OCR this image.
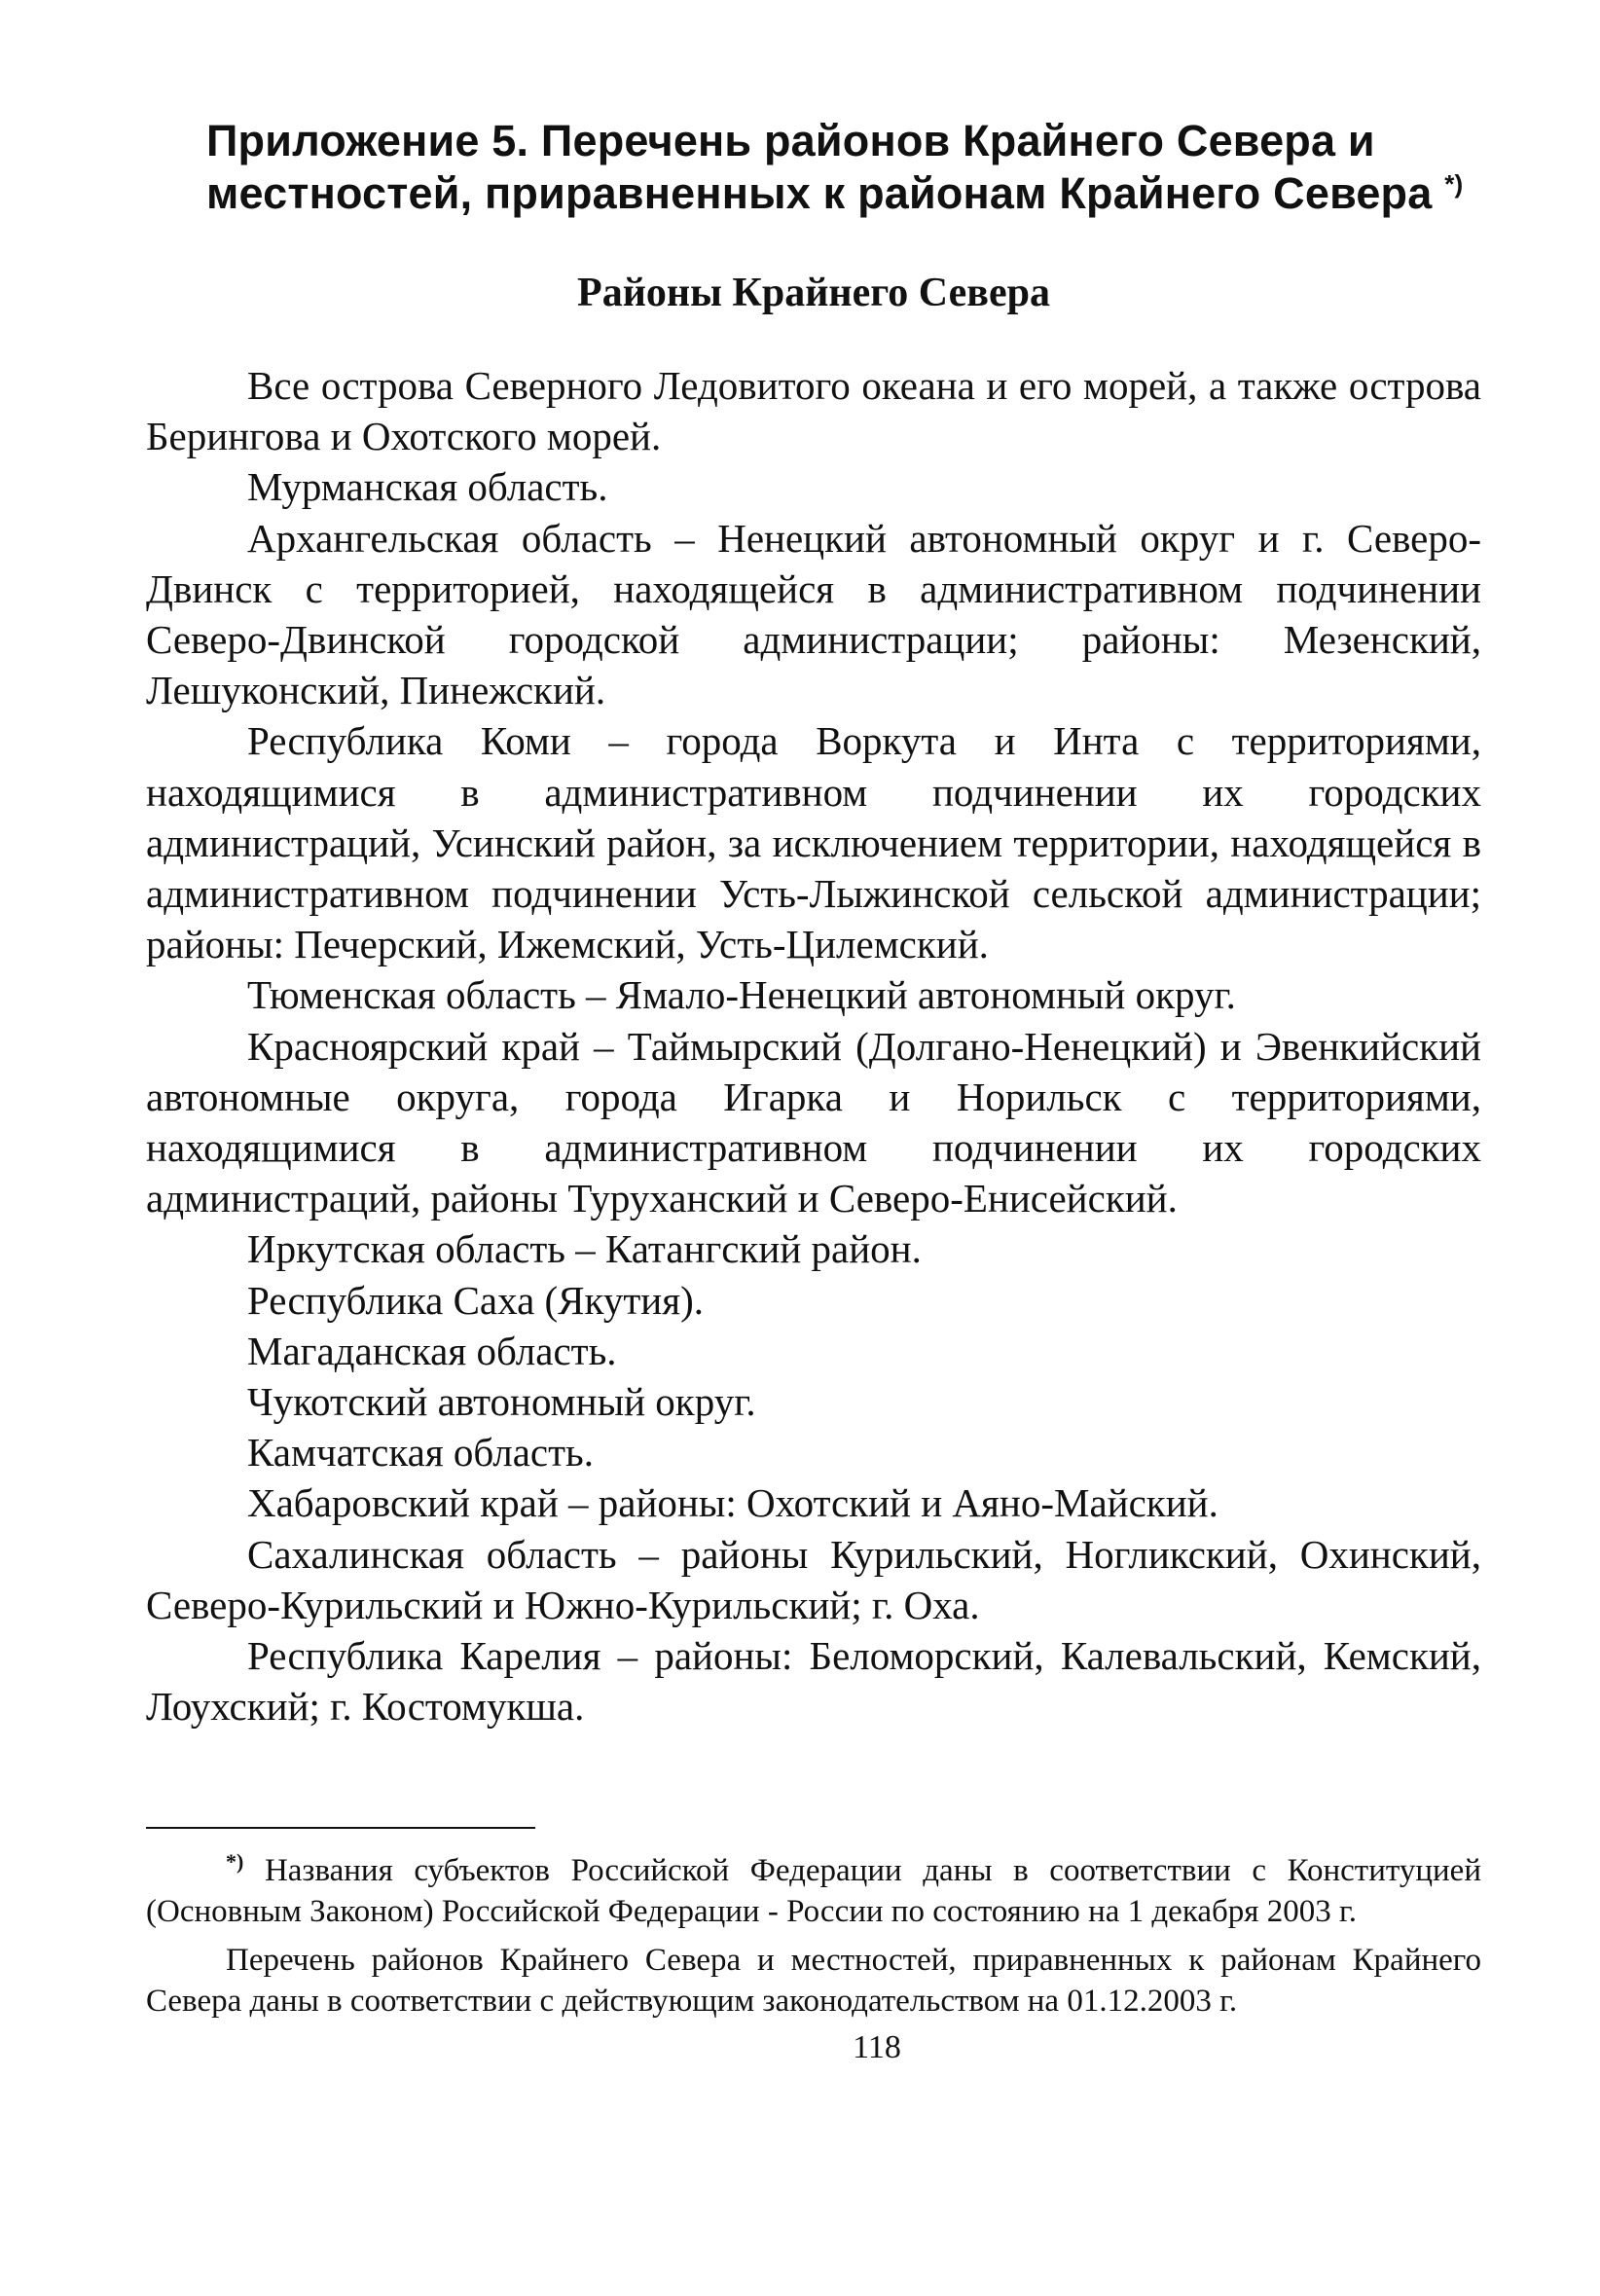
Приложение 5. Перечень районов Крайнего Севера и местностей, приравненных к районам Крайнего Севера *)
Районы Крайнего Севера

Все острова Северного Ледовитого океана и его морей, а также острова Берингова и Охотского морей.

Мурманская область.

Архангельская область – Ненецкий автономный округ и г. Северо-Двинск с территорией, находящейся в административном подчинении Северо-Двинской городской администрации; районы: Мезенский, Лешуконский, Пинежский.

Республика Коми – города Воркута и Инта с территориями, находящимися в административном подчинении их городских администраций, Усинский район, за исключением территории, находящейся в административном подчинении Усть-Лыжинской сельской администрации; районы: Печерский, Ижемский, Усть-Цилемский.

Тюменская область – Ямало-Ненецкий автономный округ.

Красноярский край – Таймырский (Долгано-Ненецкий) и Эвенкийский автономные округа, города Игарка и Норильск с территориями, находящимися в административном подчинении их городских администраций, районы Туруханский и Северо-Енисейский.

Иркутская область – Катангский район.

Республика Саха (Якутия).

Магаданская область.

Чукотский автономный округ.

Камчатская область.

Хабаровский край – районы: Охотский и Аяно-Майский.

Сахалинская область – районы Курильский, Ногликский, Охинский, Северо-Курильский и Южно-Курильский; г. Оха.

Республика Карелия – районы: Беломорский, Калевальский, Кемский, Лоухский; г. Костомукша.

*) Названия субъектов Российской Федерации даны в соответствии с Конституцией (Основным Законом) Российской Федерации - России по состоянию на 1 декабря 2003 г.

Перечень районов Крайнего Севера и местностей, приравненных к районам Крайнего Севера даны в соответствии с действующим законодательством на 01.12.2003 г.

118
